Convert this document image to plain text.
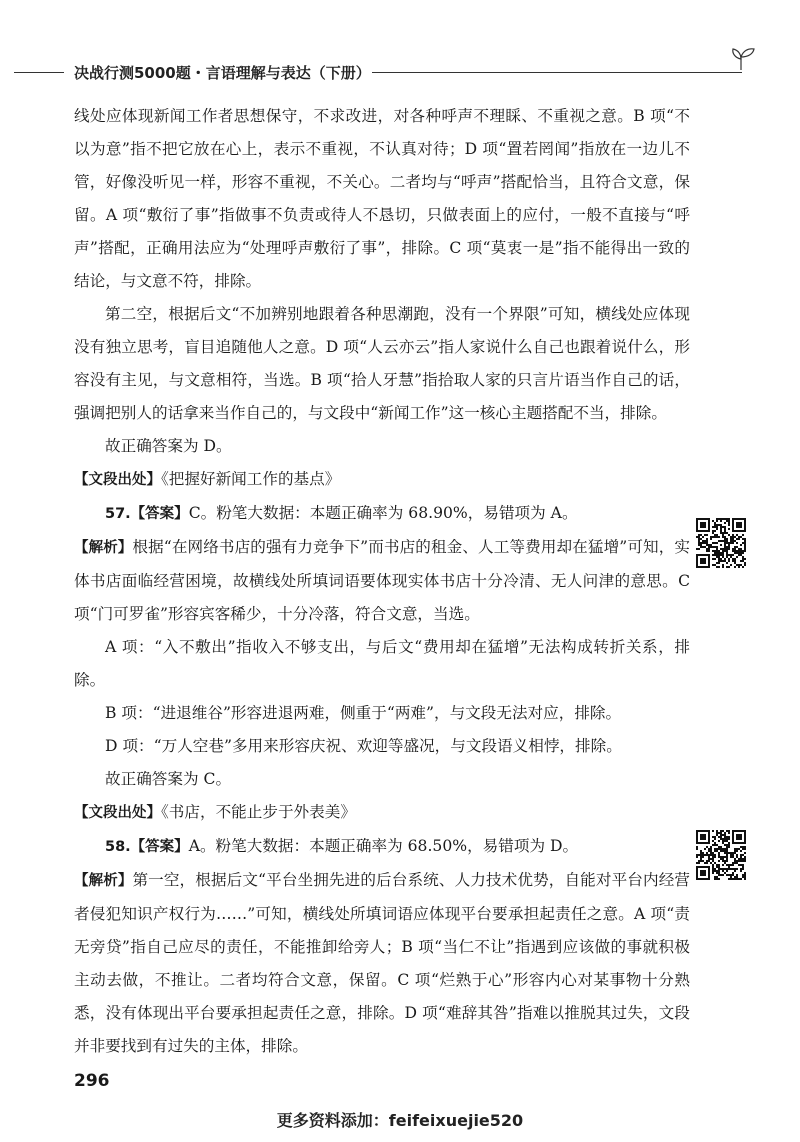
决战行测5000题・言语理解与表达（下册）

线处应体现新闻工作者思想保守，不求改进，对各种呼声不理睬、不重视之意。B 项“不以为意”指不把它放在心上，表示不重视，不认真对待；D 项“置若罔闻”指放在一边儿不管，好像没听见一样，形容不重视，不关心。二者均与“呼声”搭配恰当，且符合文意，保留。A 项“敷衍了事”指做事不负责或待人不恳切，只做表面上的应付，一般不直接与“呼声”搭配，正确用法应为“处理呼声敷衍了事”，排除。C 项“莫衷一是”指不能得出一致的结论，与文意不符，排除。

第二空，根据后文“不加辨别地跟着各种思潮跑，没有一个界限”可知，横线处应体现没有独立思考，盲目追随他人之意。D 项“人云亦云”指人家说什么自己也跟着说什么，形容没有主见，与文意相符，当选。B 项“拾人牙慧”指拾取人家的只言片语当作自己的话，强调把别人的话拿来当作自己的，与文段中“新闻工作”这一核心主题搭配不当，排除。

故正确答案为 D。

【文段出处】《把握好新闻工作的基点》

57.【答案】C。粉笔大数据：本题正确率为 68.90%，易错项为 A。

【解析】根据“在网络书店的强有力竞争下”而书店的租金、人工等费用却在猛增”可知，实体书店面临经营困境，故横线处所填词语要体现实体书店十分冷清、无人问津的意思。C 项“门可罗雀”形容宾客稀少，十分冷落，符合文意，当选。

A 项：“入不敷出”指收入不够支出，与后文“费用却在猛增”无法构成转折关系，排除。

B 项：“进退维谷”形容进退两难，侧重于“两难”，与文段无法对应，排除。

D 项：“万人空巷”多用来形容庆祝、欢迎等盛况，与文段语义相悖，排除。

故正确答案为 C。

【文段出处】《书店，不能止步于外表美》

58.【答案】A。粉笔大数据：本题正确率为 68.50%，易错项为 D。

【解析】第一空，根据后文“平台坐拥先进的后台系统、人力技术优势，自能对平台内经营者侵犯知识产权行为……”可知，横线处所填词语应体现平台要承担起责任之意。A 项“责无旁贷”指自己应尽的责任，不能推卸给旁人；B 项“当仁不让”指遇到应该做的事就积极主动去做，不推让。二者均符合文意，保留。C 项“烂熟于心”形容内心对某事物十分熟悉，没有体现出平台要承担起责任之意，排除。D 项“难辞其咎”指难以推脱其过失，文段并非要找到有过失的主体，排除。

296
更多资料添加：feifeixuejie520
